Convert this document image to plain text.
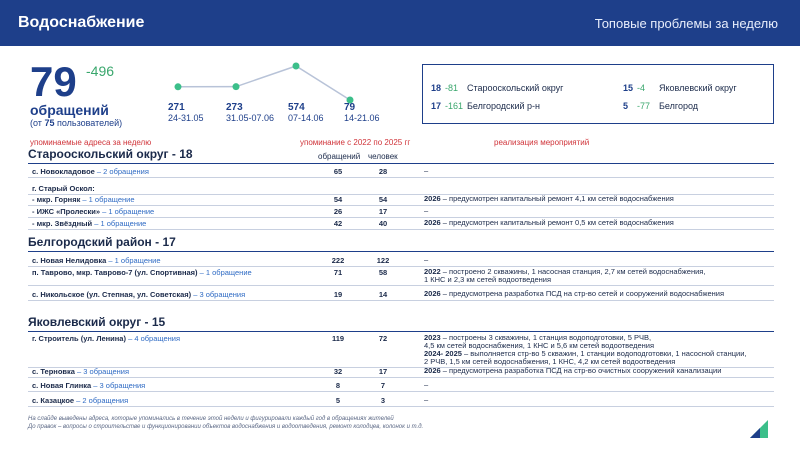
Водоснабжение	Топовые проблемы за неделю
79 -496
обращений
(от 75 пользователей)
271
24-31.05
273
31.05-07.06
574
07-14.06
79
14-21.06
18 -81 Старооскольский округ
17 -161 Белгородский р-н
15 -4 Яковлевский округ
5 -77 Белгород
упоминаемые адреса за неделю	упоминание с 2022 по 2025 гг	реализация мероприятий
обращений человек
Старооскольский округ - 18
с. Новокладовое – 2 обращения	65	28	–
г. Старый Оскол:
- мкр. Горняк – 1 обращение	54	54	2026 – предусмотрен капитальный ремонт 4,1 км сетей водоснабжения
- ИЖС «Пролески» – 1 обращение	26	17	–
- мкр. Звёздный – 1 обращение	42	40	2026 – предусмотрен капитальный ремонт 0,5 км сетей водоснабжения
Белгородский район - 17
с. Новая Нелидовка – 1 обращение	222	122	–
п. Таврово, мкр. Таврово-7 (ул. Спортивная) – 1 обращение	71	58	2022 – построено 2 скважины, 1 насосная станция, 2,7 км сетей водоснабжения,
1 КНС и 2,3 км сетей водоотведения
с. Никольское (ул. Степная, ул. Советская) – 3 обращения	19	14	2026 – предусмотрена разработка ПСД на стр-во сетей и сооружений водоснабжения
Яковлевский округ - 15
г. Строитель (ул. Ленина) – 4 обращения	119	72	2023 – построены 3 скважины, 1 станция водоподготовки, 5 РЧВ,
4,5 км сетей водоснабжения, 1 КНС и 5,6 км сетей водоотведения
2024- 2025 – выполняется стр-во 5 скважин, 1 станции водоподготовки, 1 насосной станции,
2 РЧВ, 1,5 км сетей водоснабжения, 1 КНС, 4,2 км сетей водоотведения
с. Терновка – 3 обращения	32	17	2026 – предусмотрена разработка ПСД на стр-во очистных сооружений канализации
с. Новая Глинка – 3 обращения	8	7	–
с. Казацкое – 2 обращения	5	3	–
На слайде выведены адреса, которые упоминались в течение этой недели и фигурировали каждый год в обращениях жителей
До правок – вопросы о строительстве и функционировании объектов водоснабжения и водоотведения, ремонт колодцев, колонок и т.д.
